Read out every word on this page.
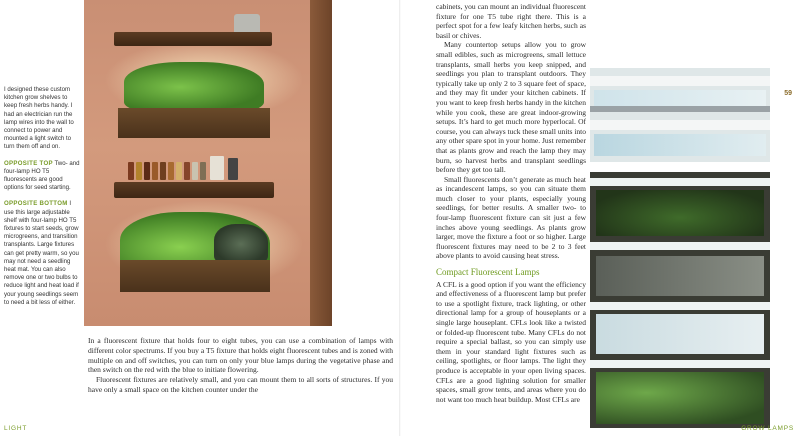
I designed these custom kitchen grow shelves to keep fresh herbs handy. I had an electrician run the lamp wires into the wall to connect to power and mounted a light switch to turn them off and on.

OPPOSITE TOP Two- and four-lamp HO T5 fluorescents are good options for seed starting.

OPPOSITE BOTTOM I use this large adjustable shelf with four-lamp HO T5 fixtures to start seeds, grow microgreens, and transition transplants. Large fixtures can get pretty warm, so you may not need a seedling heat mat. You can also remove one or two bulbs to reduce light and heat load if your young seedlings seem to need a bit less of either.

In a fluorescent fixture that holds four to eight tubes, you can use a combination of lamps with different color spectrums. If you buy a T5 fixture that holds eight fluorescent tubes and is zoned with multiple on and off switches, you can turn on only your blue lamps during the vegetative phase and then switch on the red with the blue to initiate flowering.

Fluorescent fixtures are relatively small, and you can mount them to all sorts of structures. If you have only a small space on the kitchen counter under the

LIGHT

cabinets, you can mount an individual fluorescent fixture for one T5 tube right there. This is a perfect spot for a few leafy kitchen herbs, such as basil or chives.

Many countertop setups allow you to grow small edibles, such as microgreens, small lettuce transplants, small herbs you keep snipped, and seedlings you plan to transplant outdoors. They typically take up only 2 to 3 square feet of space, and they may fit under your kitchen cabinets. If you want to keep fresh herbs handy in the kitchen while you cook, these are great indoor-growing setups. It’s hard to get much more hyperlocal. Of course, you can always tuck these small units into any other spare spot in your home. Just remember that as plants grow and reach the lamp they may burn, so harvest herbs and transplant seedlings before they get too tall.

Small fluorescents don’t generate as much heat as incandescent lamps, so you can situate them much closer to your plants, especially young seedlings, for better results. A smaller two- to four-lamp fluorescent fixture can sit just a few inches above young seedlings. As plants grow larger, move the fixture a foot or so higher. Large fluorescent fixtures may need to be 2 to 3 feet above plants to avoid causing heat stress.

Compact Fluorescent Lamps

A CFL is a good option if you want the efficiency and effectiveness of a fluorescent lamp but prefer to use a spotlight fixture, track lighting, or other directional lamp for a group of houseplants or a single large houseplant. CFLs look like a twisted or folded-up fluorescent tube. Many CFLs do not require a special ballast, so you can simply use them in your standard light fixtures such as ceiling, spotlights, or floor lamps. The light they produce is acceptable in your open living spaces. CFLs are a good lighting solution for smaller spaces, small grow tents, and areas where you do not want too much heat buildup. Most CFLs are

59
GROW LAMPS
